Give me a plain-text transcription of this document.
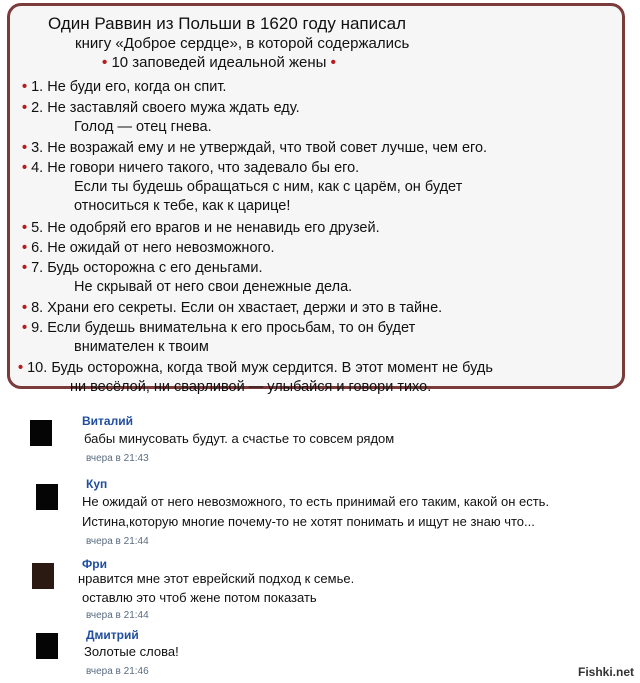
Один Раввин из Польши в 1620 году написал
книгу «Доброе сердце», в которой содержались
• 10 заповедей идеальной жены •
• 1. Не буди его, когда он спит.
• 2. Не заставляй своего мужа ждать еду.
Голод — отец гнева.
• 3. Не возражай ему и не утверждай, что твой совет лучше, чем его.
• 4. Не говори ничего такого, что задевало бы его.
Если ты будешь обращаться с ним, как с царём, он будет
относиться к тебе, как к царице!
• 5. Не одобряй его врагов и не ненавидь его друзей.
• 6. Не ожидай от него невозможного.
• 7. Будь осторожна с его деньгами.
Не скрывай от него свои денежные дела.
• 8. Храни его секреты. Если он хвастает, держи и это в тайне.
• 9. Если будешь внимательна к его просьбам, то он будет
внимателен к твоим
• 10. Будь осторожна, когда твой муж сердится. В этот момент не будь
ни весёлой, ни сварливой — улыбайся и говори тихо.
Виталий
бабы минусовать будут. а счастье то совсем рядом
вчера в 21:43
Куп
Не ожидай от него невозможного, то есть принимай его таким, какой он есть.
Истина,которую многие почему-то не хотят понимать и ищут не знаю что...
вчера в 21:44
Фри
нравится мне этот еврейский подход к семье.
оставлю это чтоб жене потом показать
вчера в 21:44
Дмитрий
Золотые слова!
вчера в 21:46	Fishki.net
